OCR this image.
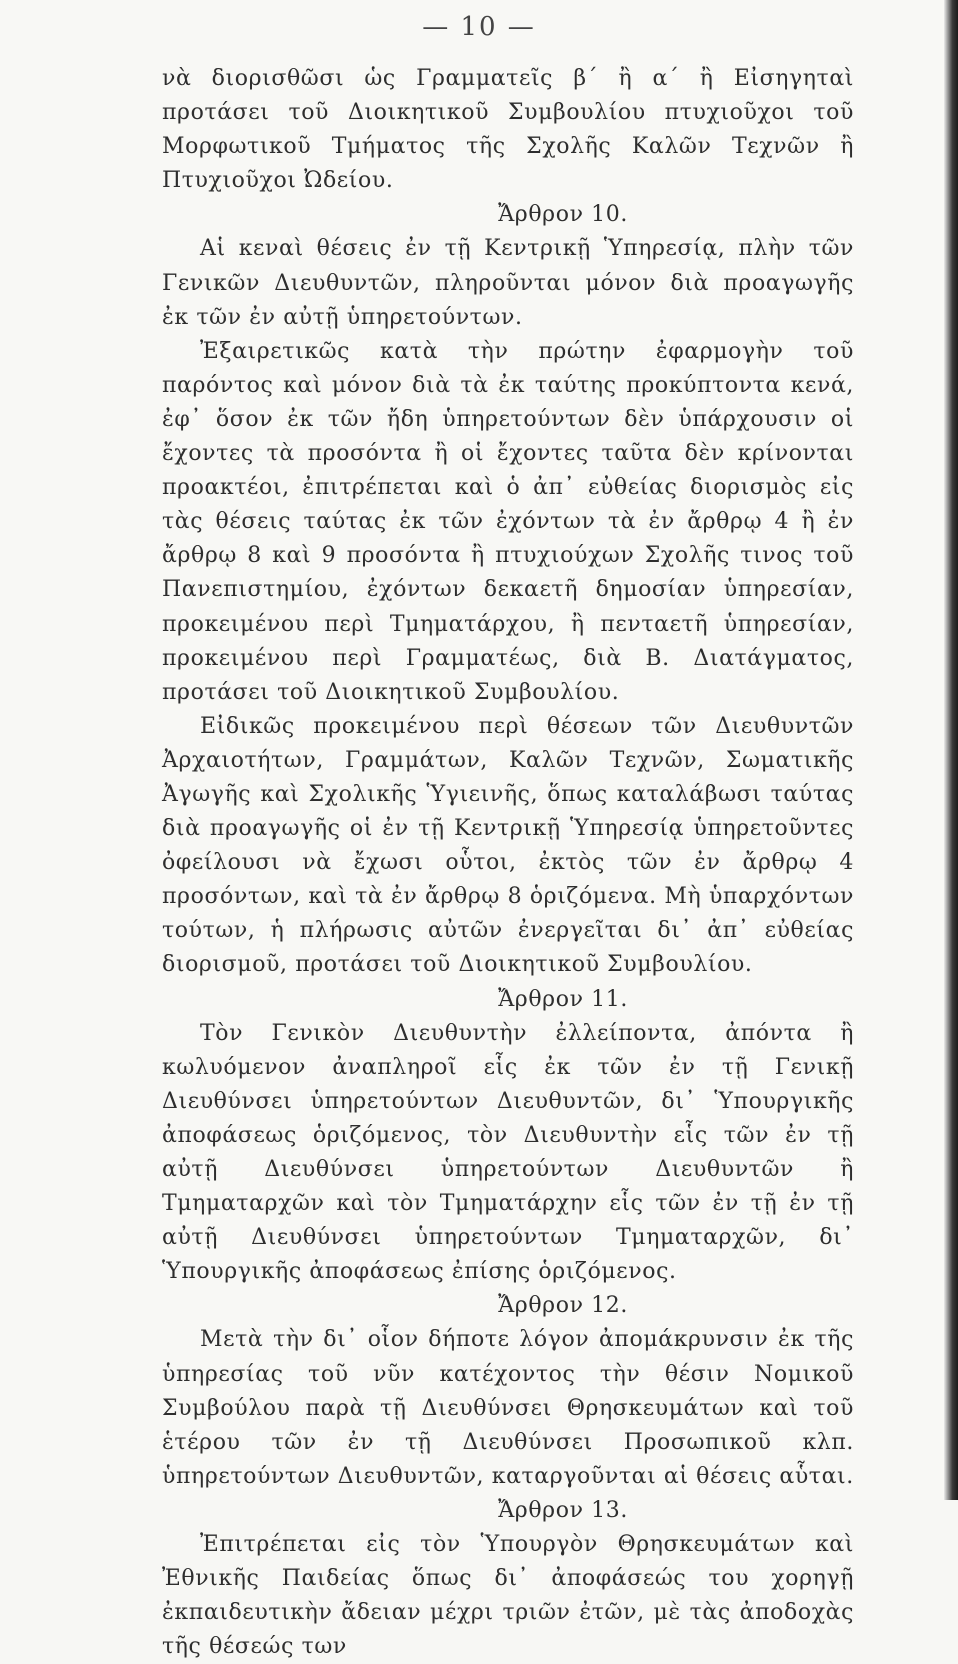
— 10 —

νὰ διορισθῶσι ὡς Γραμματεῖς β΄ ἢ α΄ ἢ Εἰσηγηταὶ προτάσει τοῦ Διοικητικοῦ Συμβουλίου πτυχιοῦχοι τοῦ Μορφωτικοῦ Τμήματος τῆς Σχολῆς Καλῶν Τεχνῶν ἢ Πτυχιοῦχοι Ὠδείου.

Ἄρθρον 10.

Αἱ κεναὶ θέσεις ἐν τῇ Κεντρικῇ Ὑπηρεσίᾳ, πλὴν τῶν Γενικῶν Διευθυντῶν, πληροῦνται μόνον διὰ προαγωγῆς ἐκ τῶν ἐν αὐτῇ ὑπηρετούντων.

Ἐξαιρετικῶς κατὰ τὴν πρώτην ἐφαρμογὴν τοῦ παρόντος καὶ μόνον διὰ τὰ ἐκ ταύτης προκύπτοντα κενά, ἐφ᾿ ὅσον ἐκ τῶν ἤδη ὑπηρετούντων δὲν ὑπάρχουσιν οἱ ἔχοντες τὰ προσόντα ἢ οἱ ἔχοντες ταῦτα δὲν κρίνονται προακτέοι, ἐπιτρέπεται καὶ ὁ ἀπ᾿ εὐθείας διορισμὸς εἰς τὰς θέσεις ταύτας ἐκ τῶν ἐχόντων τὰ ἐν ἄρθρῳ 4 ἢ ἐν ἄρθρῳ 8 καὶ 9 προσόντα ἢ πτυχιούχων Σχολῆς τινος τοῦ Πανεπιστημίου, ἐχόντων δεκαετῆ δημοσίαν ὑπηρεσίαν, προκειμένου περὶ Τμηματάρχου, ἢ πενταετῆ ὑπηρεσίαν, προκειμένου περὶ Γραμματέως, διὰ Β. Διατάγματος, προτάσει τοῦ Διοικητικοῦ Συμβουλίου.

Εἰδικῶς προκειμένου περὶ θέσεων τῶν Διευθυντῶν Ἀρχαιοτήτων, Γραμμάτων, Καλῶν Τεχνῶν, Σωματικῆς Ἀγωγῆς καὶ Σχολικῆς Ὑγιεινῆς, ὅπως καταλάβωσι ταύτας διὰ προαγωγῆς οἱ ἐν τῇ Κεντρικῇ Ὑπηρεσίᾳ ὑπηρετοῦντες ὀφείλουσι νὰ ἔχωσι οὗτοι, ἐκτὸς τῶν ἐν ἄρθρῳ 4 προσόντων, καὶ τὰ ἐν ἄρθρῳ 8 ὁριζόμενα. Μὴ ὑπαρχόντων τούτων, ἡ πλήρωσις αὐτῶν ἐνεργεῖται δι᾿ ἀπ᾿ εὐθείας διορισμοῦ, προτάσει τοῦ Διοικητικοῦ Συμβουλίου.

Ἄρθρον 11.

Τὸν Γενικὸν Διευθυντὴν ἐλλείποντα, ἀπόντα ἢ κωλυόμενον ἀναπληροῖ εἷς ἐκ τῶν ἐν τῇ Γενικῇ Διευθύνσει ὑπηρετούντων Διευθυντῶν, δι᾿ Ὑπουργικῆς ἀποφάσεως ὁριζόμενος, τὸν Διευθυντὴν εἷς τῶν ἐν τῇ αὐτῇ Διευθύνσει ὑπηρετούντων Διευθυντῶν ἢ Τμηματαρχῶν καὶ τὸν Τμηματάρχην εἷς τῶν ἐν τῇ ἐν τῇ αὐτῇ Διευθύνσει ὑπηρετούντων Τμηματαρχῶν, δι᾿ Ὑπουργικῆς ἀποφάσεως ἐπίσης ὁριζόμενος.

Ἄρθρον 12.

Μετὰ τὴν δι᾿ οἷον δήποτε λόγον ἀπομάκρυνσιν ἐκ τῆς ὑπηρεσίας τοῦ νῦν κατέχοντος τὴν θέσιν Νομικοῦ Συμβούλου παρὰ τῇ Διευθύνσει Θρησκευμάτων καὶ τοῦ ἑτέρου τῶν ἐν τῇ Διευθύνσει Προσωπικοῦ κλπ. ὑπηρετούντων Διευθυντῶν, καταργοῦνται αἱ θέσεις αὗται.

Ἄρθρον 13.

Ἐπιτρέπεται εἰς τὸν Ὑπουργὸν Θρησκευμάτων καὶ Ἐθνικῆς Παιδείας ὅπως δι᾿ ἀποφάσεώς του χορηγῇ ἐκπαιδευτικὴν ἄδειαν μέχρι τριῶν ἐτῶν, μὲ τὰς ἀποδοχὰς τῆς θέσεώς των
